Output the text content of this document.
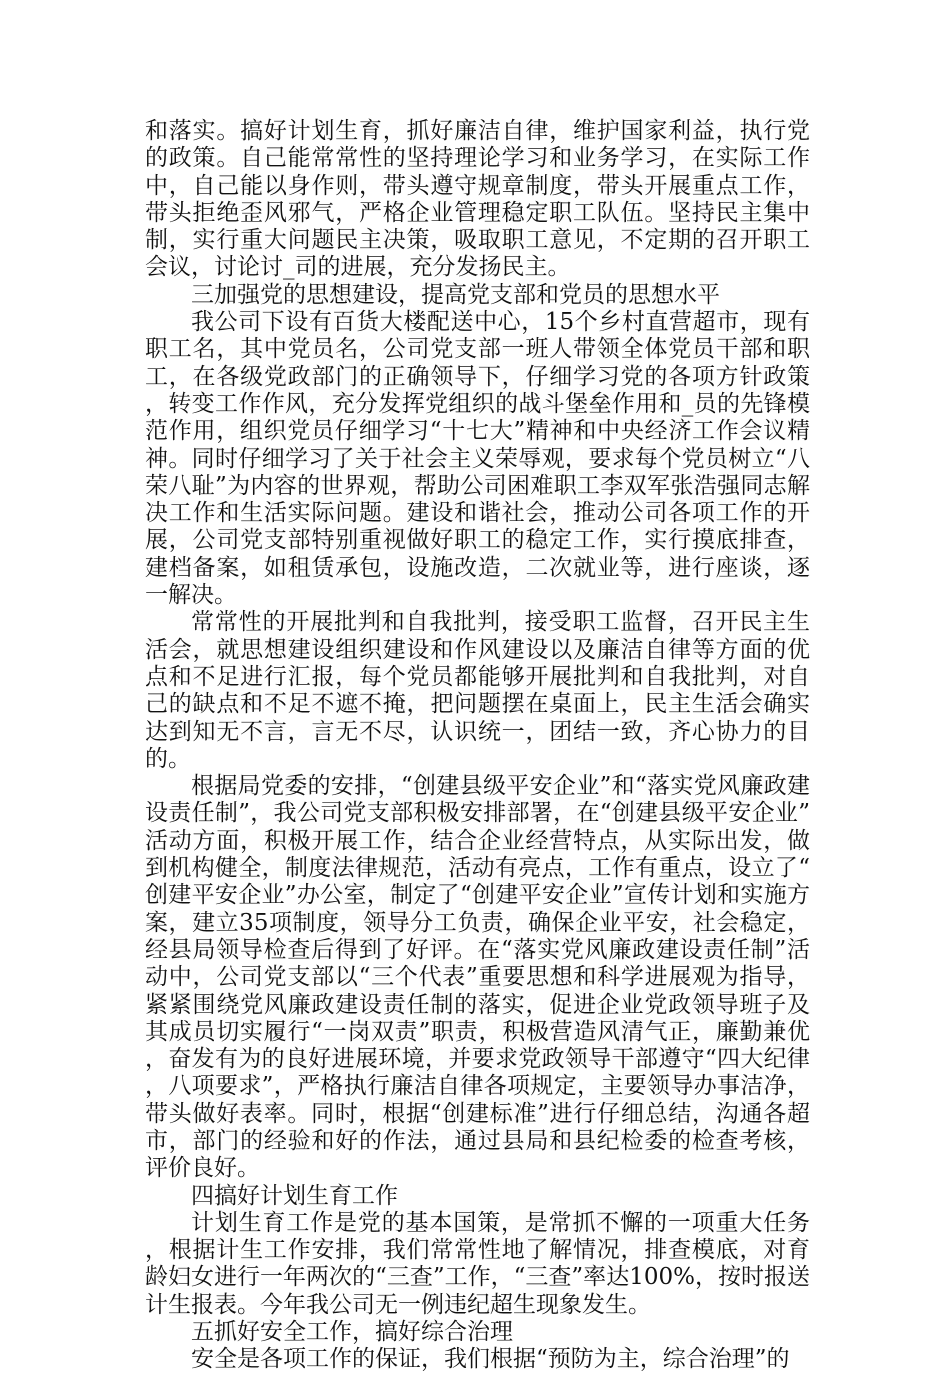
和落实。搞好计划生育，抓好廉洁自律，维护国家利益，执行党的政策。自己能常常性的坚持理论学习和业务学习，在实际工作中，自己能以身作则，带头遵守规章制度，带头开展重点工作，带头拒绝歪风邪气，严格企业管理稳定职工队伍。坚持民主集中制，实行重大问题民主决策，吸取职工意见，不定期的召开职工会议，讨论讨_司的进展，充分发扬民主。

三加强党的思想建设，提高党支部和党员的思想水平

我公司下设有百货大楼配送中心，15个乡村直营超市，现有职工名，其中党员名，公司党支部一班人带领全体党员干部和职工，在各级党政部门的正确领导下，仔细学习党的各项方针政策，转变工作作风，充分发挥党组织的战斗堡垒作用和_员的先锋模范作用，组织党员仔细学习“十七大”精神和中央经济工作会议精神。同时仔细学习了关于社会主义荣辱观，要求每个党员树立“八荣八耻”为内容的世界观，帮助公司困难职工李双军张浩强同志解决工作和生活实际问题。建设和谐社会，推动公司各项工作的开展，公司党支部特别重视做好职工的稳定工作，实行摸底排查，建档备案，如租赁承包，设施改造，二次就业等，进行座谈，逐一解决。

常常性的开展批判和自我批判，接受职工监督，召开民主生活会，就思想建设组织建设和作风建设以及廉洁自律等方面的优点和不足进行汇报，每个党员都能够开展批判和自我批判，对自己的缺点和不足不遮不掩，把问题摆在桌面上，民主生活会确实达到知无不言，言无不尽，认识统一，团结一致，齐心协力的目的。

根据局党委的安排，“创建县级平安企业”和“落实党风廉政建设责任制”，我公司党支部积极安排部署，在“创建县级平安企业”活动方面，积极开展工作，结合企业经营特点，从实际出发，做到机构健全，制度法律规范，活动有亮点，工作有重点，设立了“创建平安企业”办公室，制定了“创建平安企业”宣传计划和实施方案，建立35项制度，领导分工负责，确保企业平安，社会稳定，经县局领导检查后得到了好评。在“落实党风廉政建设责任制”活动中，公司党支部以“三个代表”重要思想和科学进展观为指导，紧紧围绕党风廉政建设责任制的落实，促进企业党政领导班子及其成员切实履行“一岗双责”职责，积极营造风清气正，廉勤兼优，奋发有为的良好进展环境，并要求党政领导干部遵守“四大纪律，八项要求”，严格执行廉洁自律各项规定，主要领导办事洁净，带头做好表率。同时，根据“创建标准”进行仔细总结，沟通各超市，部门的经验和好的作法，通过县局和县纪检委的检查考核，评价良好。

四搞好计划生育工作

计划生育工作是党的基本国策，是常抓不懈的一项重大任务，根据计生工作安排，我们常常性地了解情况，排查模底，对育龄妇女进行一年两次的“三查”工作，“三查”率达100%，按时报送计生报表。今年我公司无一例违纪超生现象发生。

五抓好安全工作，搞好综合治理

安全是各项工作的保证，我们根据“预防为主，综合治理”的
